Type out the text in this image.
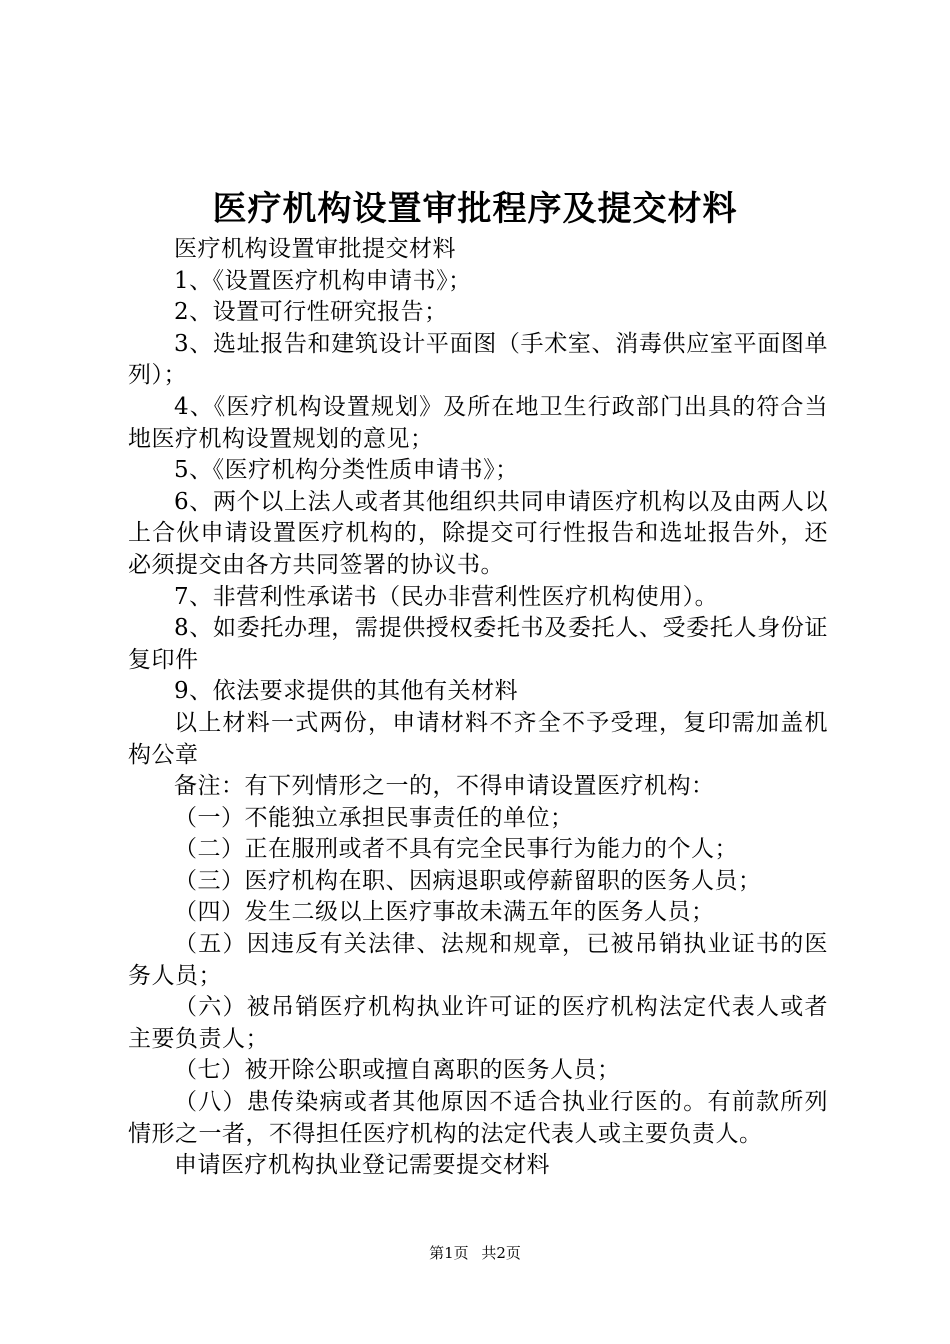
医疗机构设置审批程序及提交材料

医疗机构设置审批提交材料

1、《设置医疗机构申请书》；

2、设置可行性研究报告；

3、选址报告和建筑设计平面图（手术室、消毒供应室平面图单列）；

4、《医疗机构设置规划》及所在地卫生行政部门出具的符合当地医疗机构设置规划的意见；

5、《医疗机构分类性质申请书》；

6、两个以上法人或者其他组织共同申请医疗机构以及由两人以上合伙申请设置医疗机构的，除提交可行性报告和选址报告外，还必须提交由各方共同签署的协议书。

7、非营利性承诺书（民办非营利性医疗机构使用）。

8、如委托办理，需提供授权委托书及委托人、受委托人身份证复印件

9、依法要求提供的其他有关材料

以上材料一式两份，申请材料不齐全不予受理，复印需加盖机构公章

备注：有下列情形之一的，不得申请设置医疗机构：

（一）不能独立承担民事责任的单位；

（二）正在服刑或者不具有完全民事行为能力的个人；

（三）医疗机构在职、因病退职或停薪留职的医务人员；

（四）发生二级以上医疗事故未满五年的医务人员；

（五）因违反有关法律、法规和规章，已被吊销执业证书的医务人员；

（六）被吊销医疗机构执业许可证的医疗机构法定代表人或者主要负责人；

（七）被开除公职或擅自离职的医务人员；

（八）患传染病或者其他原因不适合执业行医的。有前款所列情形之一者，不得担任医疗机构的法定代表人或主要负责人。

申请医疗机构执业登记需要提交材料

第1页 共2页
